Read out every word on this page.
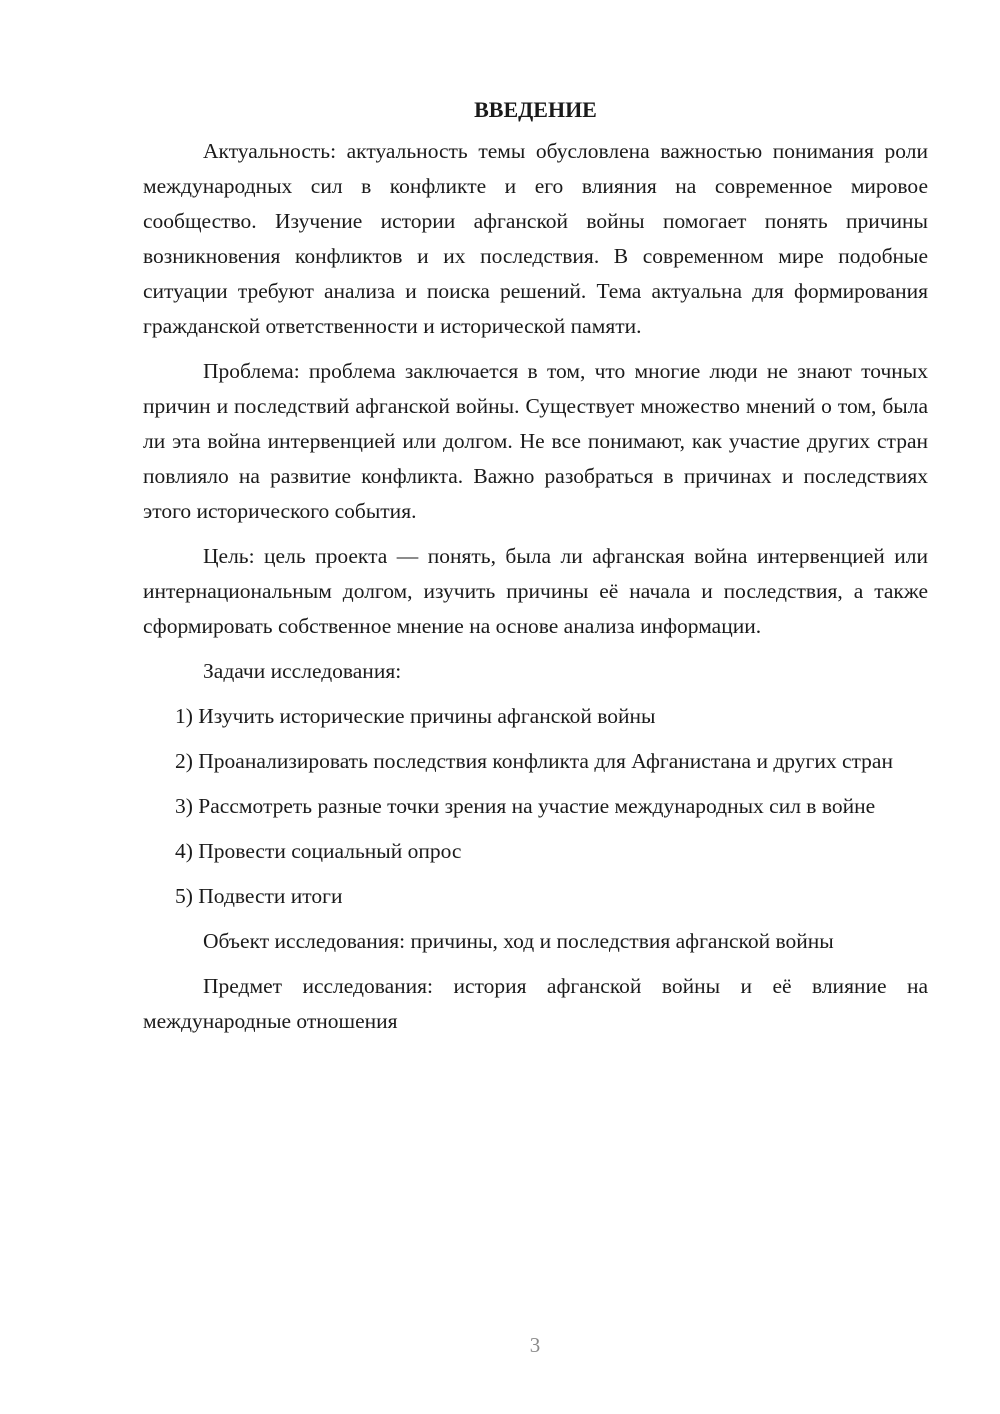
ВВЕДЕНИЕ

Актуальность: актуальность темы обусловлена важностью понимания роли международных сил в конфликте и его влияния на современное мировое сообщество. Изучение истории афганской войны помогает понять причины возникновения конфликтов и их последствия. В современном мире подобные ситуации требуют анализа и поиска решений. Тема актуальна для формирования гражданской ответственности и исторической памяти.

Проблема: проблема заключается в том, что многие люди не знают точных причин и последствий афганской войны. Существует множество мнений о том, была ли эта война интервенцией или долгом. Не все понимают, как участие других стран повлияло на развитие конфликта. Важно разобраться в причинах и последствиях этого исторического события.

Цель: цель проекта — понять, была ли афганская война интервенцией или интернациональным долгом, изучить причины её начала и последствия, а также сформировать собственное мнение на основе анализа информации.

Задачи исследования:

1) Изучить исторические причины афганской войны

2) Проанализировать последствия конфликта для Афганистана и других стран

3) Рассмотреть разные точки зрения на участие международных сил в войне

4) Провести социальный опрос

5) Подвести итоги

Объект исследования: причины, ход и последствия афганской войны

Предмет исследования: история афганской войны и её влияние на международные отношения

3
